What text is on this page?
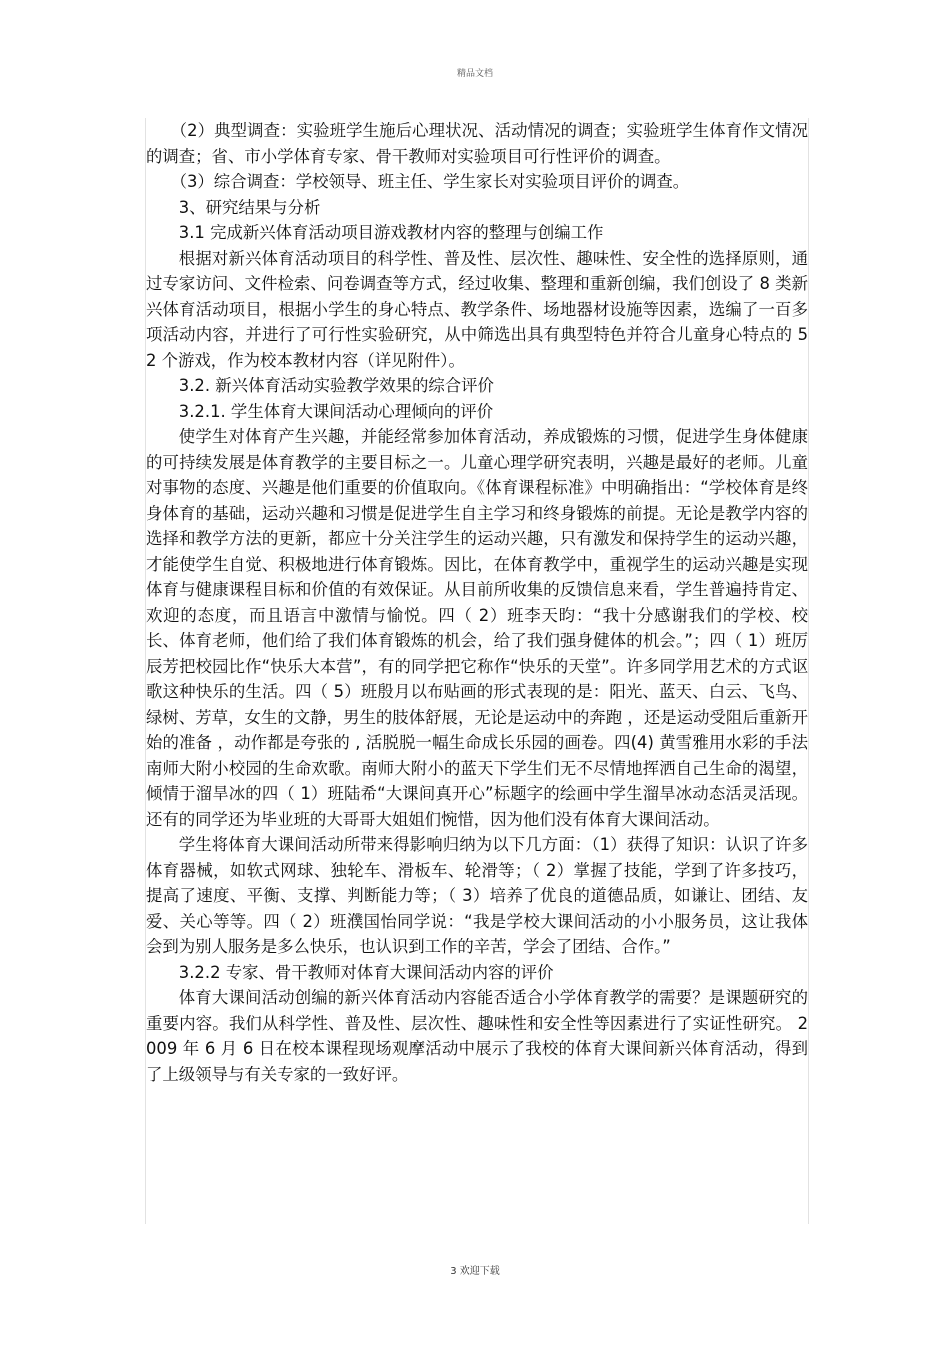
精品文档

（2）典型调查：实验班学生施后心理状况、活动情况的调查；实验班学生体育作文情况的调查；省、市小学体育专家、骨干教师对实验项目可行性评价的调查。

（3）综合调查：学校领导、班主任、学生家长对实验项目评价的调查。

3、研究结果与分析

3.1 完成新兴体育活动项目游戏教材内容的整理与创编工作

根据对新兴体育活动项目的科学性、普及性、层次性、趣味性、安全性的选择原则，通过专家访问、文件检索、问卷调查等方式，经过收集、整理和重新创编，我们创设了 8 类新兴体育活动项目，根据小学生的身心特点、教学条件、场地器材设施等因素，选编了一百多项活动内容，并进行了可行性实验研究，从中筛选出具有典型特色并符合儿童身心特点的 52 个游戏，作为校本教材内容（详见附件）。

3.2. 新兴体育活动实验教学效果的综合评价

3.2.1. 学生体育大课间活动心理倾向的评价

使学生对体育产生兴趣，并能经常参加体育活动，养成锻炼的习惯，促进学生身体健康的可持续发展是体育教学的主要目标之一。儿童心理学研究表明，兴趣是最好的老师。儿童对事物的态度、兴趣是他们重要的价值取向。《体育课程标准》中明确指出：“学校体育是终身体育的基础，运动兴趣和习惯是促进学生自主学习和终身锻炼的前提。无论是教学内容的选择和教学方法的更新，都应十分关注学生的运动兴趣，只有激发和保持学生的运动兴趣，才能使学生自觉、积极地进行体育锻炼。因比，在体育教学中，重视学生的运动兴趣是实现体育与健康课程目标和价值的有效保证。从目前所收集的反馈信息来看，学生普遍持肯定、欢迎的态度，而且语言中激情与愉悦。四（ 2）班李天昀：“我十分感谢我们的学校、校长、体育老师，他们给了我们体育锻炼的机会，给了我们强身健体的机会。”；四（ 1）班厉辰芳把校园比作“快乐大本营”，有的同学把它称作“快乐的天堂”。许多同学用艺术的方式讴歌这种快乐的生活。四（ 5）班殷月以布贴画的形式表现的是：阳光、蓝天、白云、飞鸟、绿树、芳草，女生的文静，男生的肢体舒展，无论是运动中的奔跑 ，还是运动受阻后重新开始的准备 ，动作都是夸张的 , 活脱脱一幅生命成长乐园的画卷。四(4) 黄雪雅用水彩的手法南师大附小校园的生命欢歌。南师大附小的蓝天下学生们无不尽情地挥洒自己生命的渴望，倾情于溜旱冰的四（ 1）班陆希“大课间真开心”标题字的绘画中学生溜旱冰动态活灵活现。还有的同学还为毕业班的大哥哥大姐姐们惋惜，因为他们没有体育大课间活动。

学生将体育大课间活动所带来得影响归纳为以下几方面：（1）获得了知识：认识了许多体育器械，如软式网球、独轮车、滑板车、轮滑等；（ 2）掌握了技能，学到了许多技巧，提高了速度、平衡、支撑、判断能力等；（ 3）培养了优良的道德品质，如谦让、团结、友爱、关心等等。四（ 2）班濮国怡同学说：“我是学校大课间活动的小小服务员，这让我体会到为别人服务是多么快乐，也认识到工作的辛苦，学会了团结、合作。”

3.2.2 专家、骨干教师对体育大课间活动内容的评价

体育大课间活动创编的新兴体育活动内容能否适合小学体育教学的需要？是课题研究的重要内容。我们从科学性、普及性、层次性、趣味性和安全性等因素进行了实证性研究。 2009 年 6 月 6 日在校本课程现场观摩活动中展示了我校的体育大课间新兴体育活动，得到了上级领导与有关专家的一致好评。

3 欢迎下载
